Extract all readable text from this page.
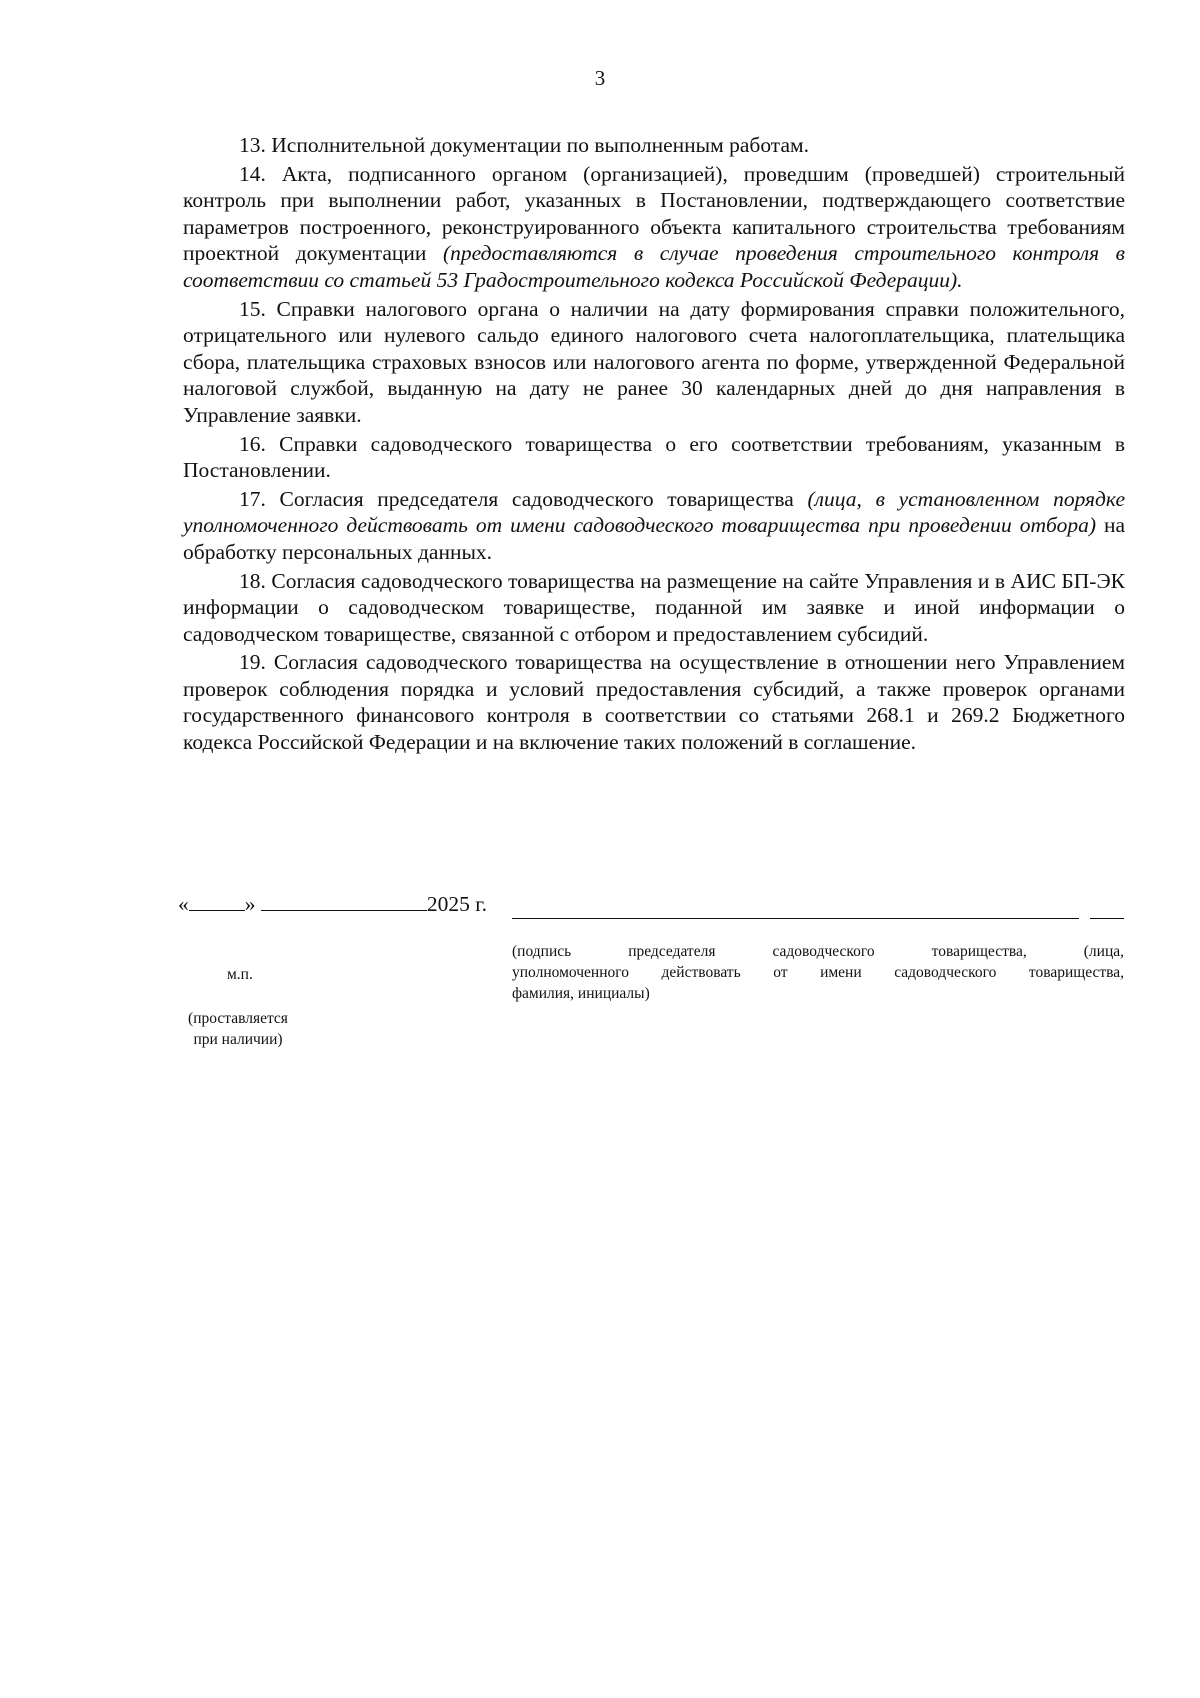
3

13. Исполнительной документации по выполненным работам.

14. Акта, подписанного органом (организацией), проведшим (проведшей) строительный контроль при выполнении работ, указанных в Постановлении, подтверждающего соответствие параметров построенного, реконструированного объекта капитального строительства требованиям проектной документации (предоставляются в случае проведения строительного контроля в соответствии со статьей 53 Градостроительного кодекса Российской Федерации).

15. Справки налогового органа о наличии на дату формирования справки положительного, отрицательного или нулевого сальдо единого налогового счета налогоплательщика, плательщика сбора, плательщика страховых взносов или налогового агента по форме, утвержденной Федеральной налоговой службой, выданную на дату не ранее 30 календарных дней до дня направления в Управление заявки.

16. Справки садоводческого товарищества о его соответствии требованиям, указанным в Постановлении.

17. Согласия председателя садоводческого товарищества (лица, в установленном порядке уполномоченного действовать от имени садоводческого товарищества при проведении отбора) на обработку персональных данных.

18. Согласия садоводческого товарищества на размещение на сайте Управления и в АИС БП-ЭК информации о садоводческом товариществе, поданной им заявке и иной информации о садоводческом товариществе, связанной с отбором и предоставлением субсидий.

19. Согласия садоводческого товарищества на осуществление в отношении него Управлением проверок соблюдения порядка и условий предоставления субсидий, а также проверок органами государственного финансового контроля в соответствии со статьями 268.1 и 269.2 Бюджетного кодекса Российской Федерации и на включение таких положений в соглашение.

«	»	2025 г.
(подпись председателя садоводческого товарищества, (лица,
уполномоченного действовать от имени садоводческого товарищества,
фамилия, инициалы)
м.п.
(проставляется
при наличии)
